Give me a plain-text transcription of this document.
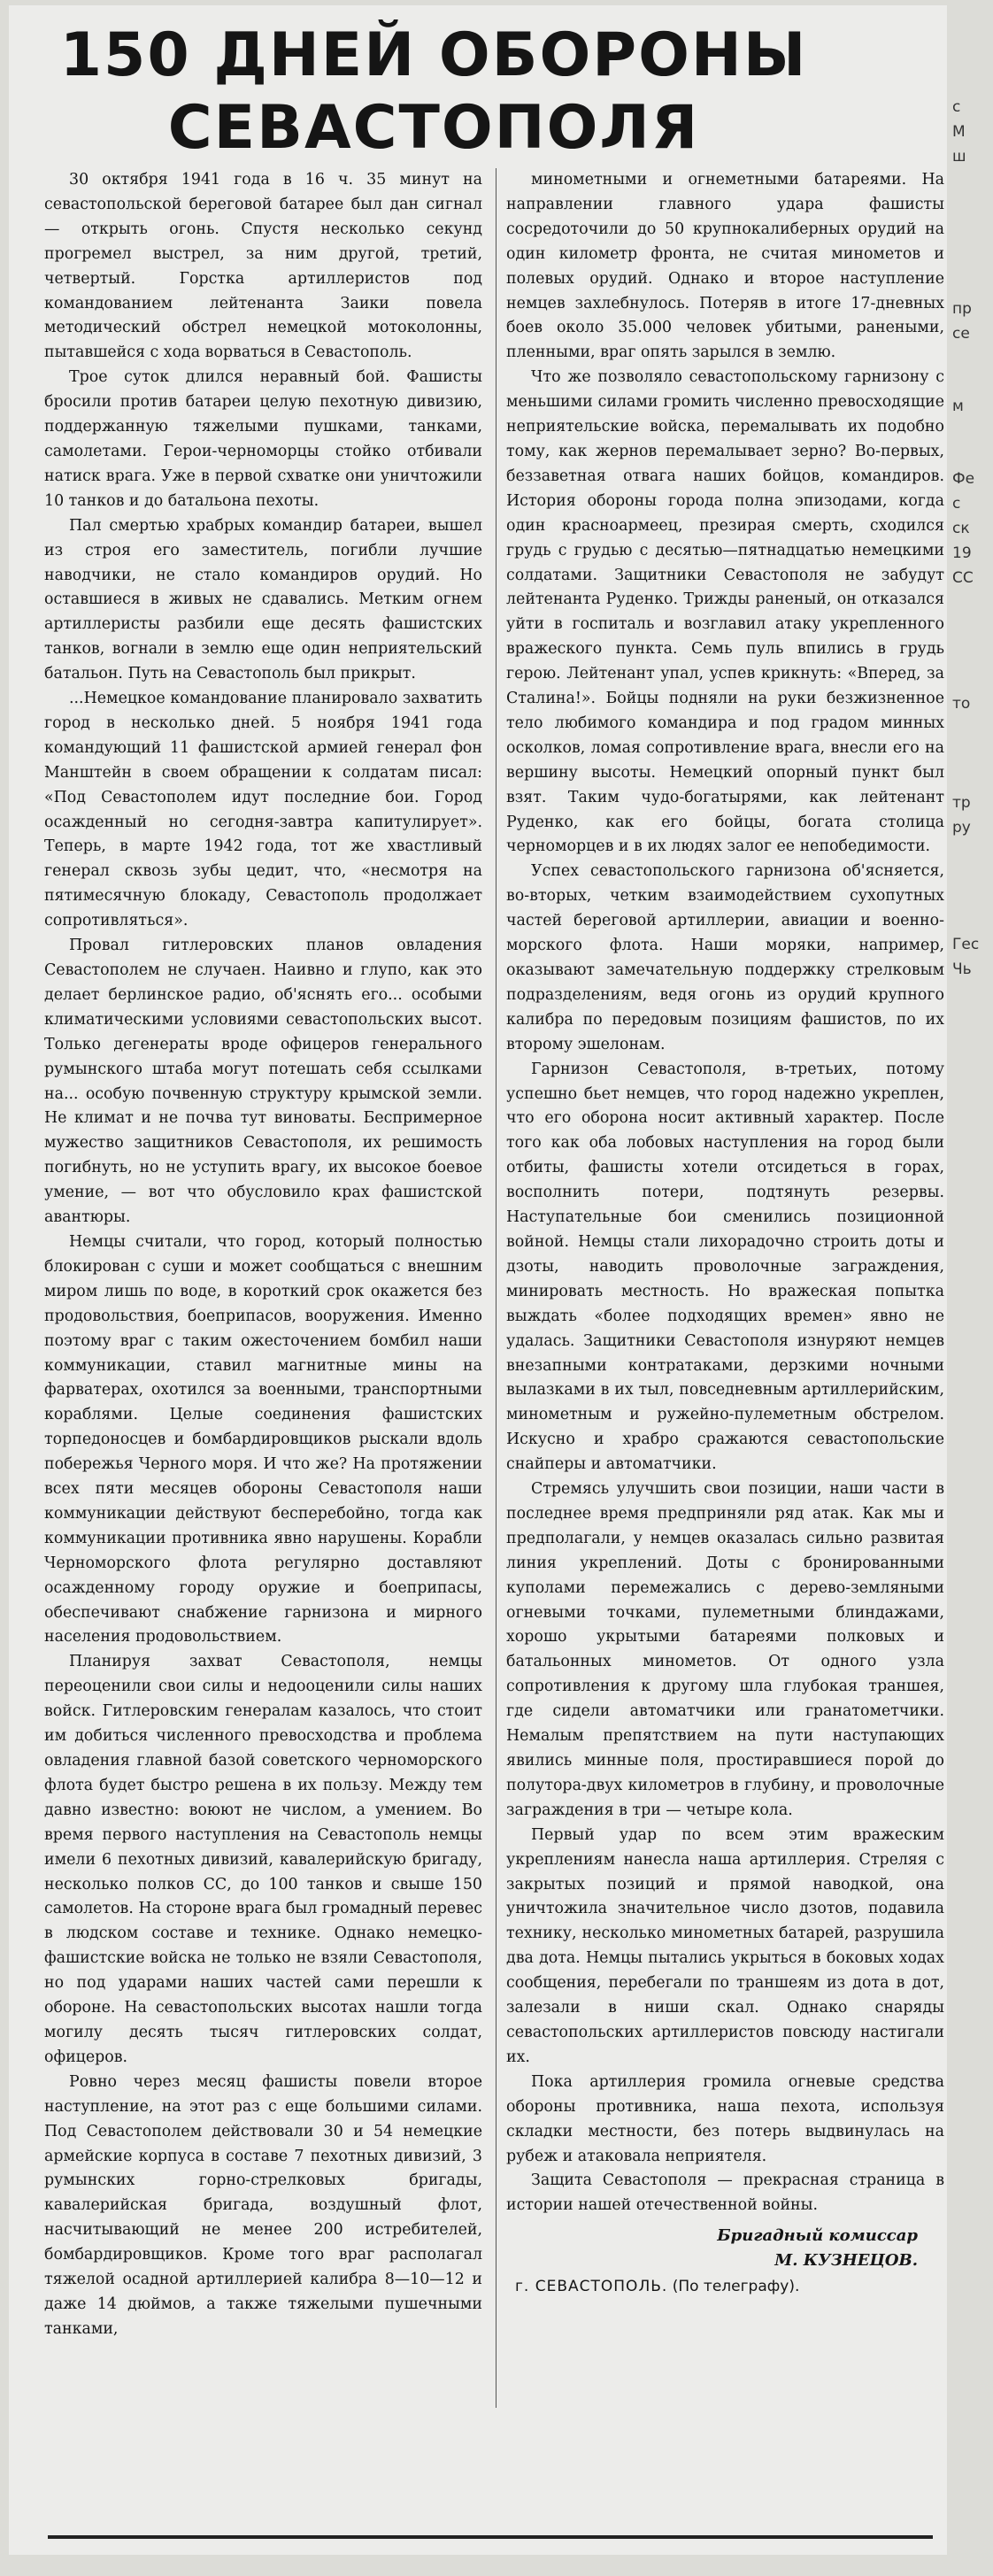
150 ДНЕЙ ОБОРОНЫ
СЕВАСТОПОЛЯ

30 октября 1941 года в 16 ч. 35 минут на севастопольской береговой батарее был дан сигнал — открыть огонь. Спустя несколько секунд прогремел выстрел, за ним другой, третий, четвертый. Горстка артиллеристов под командованием лейтенанта Заики повела методический обстрел немецкой мотоколонны, пытавшейся с хода ворваться в Севастополь.

Трое суток длился неравный бой. Фашисты бросили против батареи целую пехотную дивизию, поддержанную тяжелыми пушками, танками, самолетами. Герои-черноморцы стойко отбивали натиск врага. Уже в первой схватке они уничтожили 10 танков и до батальона пехоты.

Пал смертью храбрых командир батареи, вышел из строя его заместитель, погибли лучшие наводчики, не стало командиров орудий. Но оставшиеся в живых не сдавались. Метким огнем артиллеристы разбили еще десять фашистских танков, вогнали в землю еще один неприятельский батальон. Путь на Севастополь был прикрыт.

...Немецкое командование планировало захватить город в несколько дней. 5 ноября 1941 года командующий 11 фашистской армией генерал фон Манштейн в своем обращении к солдатам писал: «Под Севастополем идут последние бои. Город осажденный но сегодня-завтра капитулирует». Теперь, в марте 1942 года, тот же хвастливый генерал сквозь зубы цедит, что, «несмотря на пятимесячную блокаду, Севастополь продолжает сопротивляться».

Провал гитлеровских планов овладения Севастополем не случаен. Наивно и глупо, как это делает берлинское радио, об'яснять его... особыми климатическими условиями севастопольских высот. Только дегенераты вроде офицеров генерального румынского штаба могут потешать себя ссылками на... особую почвенную структуру крымской земли. Не климат и не почва тут виноваты. Беспримерное мужество защитников Севастополя, их решимость погибнуть, но не уступить врагу, их высокое боевое умение, — вот что обусловило крах фашистской авантюры.

Немцы считали, что город, который полностью блокирован с суши и может сообщаться с внешним миром лишь по воде, в короткий срок окажется без продовольствия, боеприпасов, вооружения. Именно поэтому враг с таким ожесточением бомбил наши коммуникации, ставил магнитные мины на фарватерах, охотился за военными, транспортными кораблями. Целые соединения фашистских торпедоносцев и бомбардировщиков рыскали вдоль побережья Черного моря. И что же? На протяжении всех пяти месяцев обороны Севастополя наши коммуникации действуют бесперебойно, тогда как коммуникации противника явно нарушены. Корабли Черноморского флота регулярно доставляют осажденному городу оружие и боеприпасы, обеспечивают снабжение гарнизона и мирного населения продовольствием.

Планируя захват Севастополя, немцы переоценили свои силы и недооценили силы наших войск. Гитлеровским генералам казалось, что стоит им добиться численного превосходства и проблема овладения главной базой советского черноморского флота будет быстро решена в их пользу. Между тем давно известно: воюют не числом, а умением. Во время первого наступления на Севастополь немцы имели 6 пехотных дивизий, кавалерийскую бригаду, несколько полков СС, до 100 танков и свыше 150 самолетов. На стороне врага был громадный перевес в людском составе и технике. Однако немецко-фашистские войска не только не взяли Севастополя, но под ударами наших частей сами перешли к обороне. На севастопольских высотах нашли тогда могилу десять тысяч гитлеровских солдат, офицеров.

Ровно через месяц фашисты повели второе наступление, на этот раз с еще большими силами. Под Севастополем действовали 30 и 54 немецкие армейские корпуса в составе 7 пехотных дивизий, 3 румынских горно-стрелковых бригады, кавалерийская бригада, воздушный флот, насчитывающий не менее 200 истребителей, бомбардировщиков. Кроме того враг располагал тяжелой осадной артиллерией калибра 8—10—12 и даже 14 дюймов, а также тяжелыми пушечными танками,

минометными и огнеметными батареями. На направлении главного удара фашисты сосредоточили до 50 крупнокалиберных орудий на один километр фронта, не считая минометов и полевых орудий. Однако и второе наступление немцев захлебнулось. Потеряв в итоге 17-дневных боев около 35.000 человек убитыми, ранеными, пленными, враг опять зарылся в землю.

Что же позволяло севастопольскому гарнизону с меньшими силами громить численно превосходящие неприятельские войска, перемалывать их подобно тому, как жернов перемалывает зерно? Во-первых, беззаветная отвага наших бойцов, командиров. История обороны города полна эпизодами, когда один красноармеец, презирая смерть, сходился грудь с грудью с десятью—пятнадцатью немецкими солдатами. Защитники Севастополя не забудут лейтенанта Руденко. Трижды раненый, он отказался уйти в госпиталь и возглавил атаку укрепленного вражеского пункта. Семь пуль впились в грудь герою. Лейтенант упал, успев крикнуть: «Вперед, за Сталина!». Бойцы подняли на руки безжизненное тело любимого командира и под градом минных осколков, ломая сопротивление врага, внесли его на вершину высоты. Немецкий опорный пункт был взят. Таким чудо-богатырями, как лейтенант Руденко, как его бойцы, богата столица черноморцев и в их людях залог ее непобедимости.

Успех севастопольского гарнизона об'ясняется, во-вторых, четким взаимодействием сухопутных частей береговой артиллерии, авиации и военно-морского флота. Наши моряки, например, оказывают замечательную поддержку стрелковым подразделениям, ведя огонь из орудий крупного калибра по передовым позициям фашистов, по их второму эшелонам.

Гарнизон Севастополя, в-третьих, потому успешно бьет немцев, что город надежно укреплен, что его оборона носит активный характер. После того как оба лобовых наступления на город были отбиты, фашисты хотели отсидеться в горах, восполнить потери, подтянуть резервы. Наступательные бои сменились позиционной войной. Немцы стали лихорадочно строить доты и дзоты, наводить проволочные заграждения, минировать местность. Но вражеская попытка выждать «более подходящих времен» явно не удалась. Защитники Севастополя изнуряют немцев внезапными контратаками, дерзкими ночными вылазками в их тыл, повседневным артиллерийским, минометным и ружейно-пулеметным обстрелом. Искусно и храбро сражаются севастопольские снайперы и автоматчики.

Стремясь улучшить свои позиции, наши части в последнее время предприняли ряд атак. Как мы и предполагали, у немцев оказалась сильно развитая линия укреплений. Доты с бронированными куполами перемежались с дерево-земляными огневыми точками, пулеметными блиндажами, хорошо укрытыми батареями полковых и батальонных минометов. От одного узла сопротивления к другому шла глубокая траншея, где сидели автоматчики или гранатометчики. Немалым препятствием на пути наступающих явились минные поля, простиравшиеся порой до полутора-двух километров в глубину, и проволочные заграждения в три — четыре кола.

Первый удар по всем этим вражеским укреплениям нанесла наша артиллерия. Стреляя с закрытых позиций и прямой наводкой, она уничтожила значительное число дзотов, подавила технику, несколько минометных батарей, разрушила два дота. Немцы пытались укрыться в боковых ходах сообщения, перебегали по траншеям из дота в дот, залезали в ниши скал. Однако снаряды севастопольских артиллеристов повсюду настигали их.

Пока артиллерия громила огневые средства обороны противника, наша пехота, используя складки местности, без потерь выдвинулась на рубеж и атаковала неприятеля.

Защита Севастополя — прекрасная страница в истории нашей отечественной войны.

Бригадный комиссар
М. КУЗНЕЦОВ.
г. СЕВАСТОПОЛЬ. (По телеграфу).
с
М
ш
пр
се
м
Фе
с
ск
19
СС
то
тр
ру
Гес
Чь
